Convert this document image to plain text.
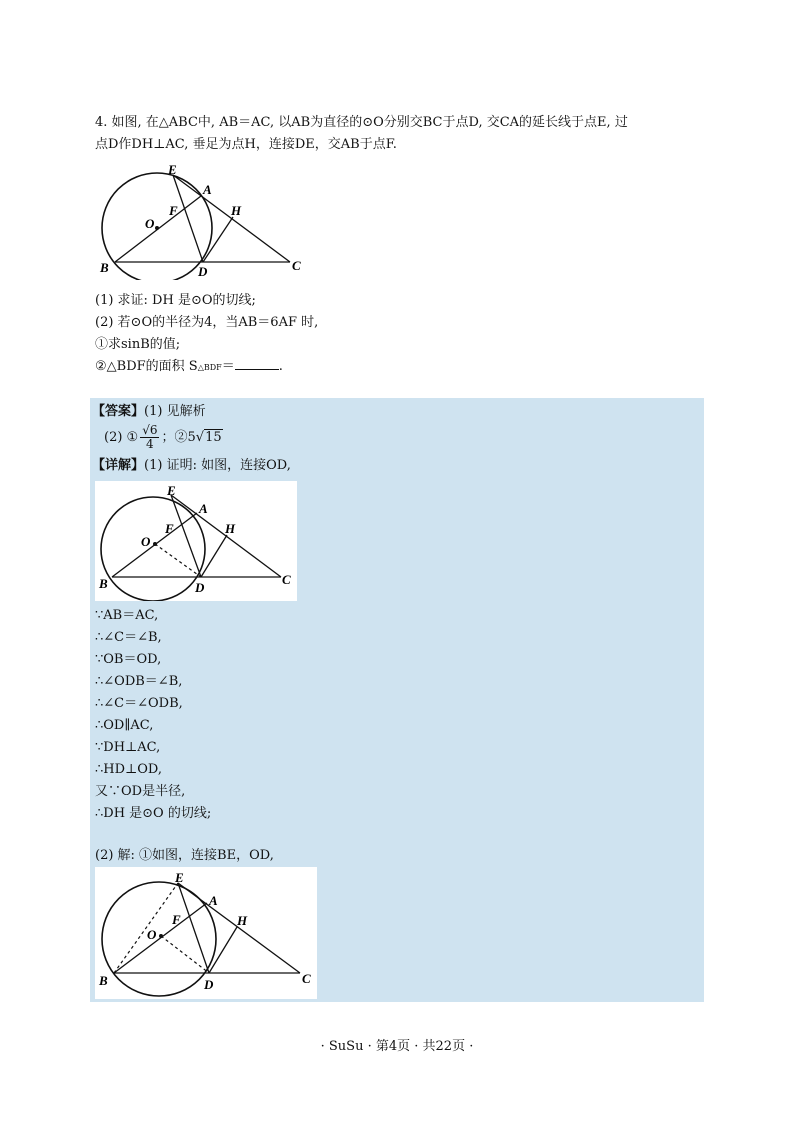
4. 如图, 在△ABC中, AB＝AC, 以AB为直径的⊙O分别交BC于点D, 交CA的延长线于点E, 过
点D作DH⊥AC, 垂足为点H，连接DE，交AB于点F.
E
A
F	H
O
B	D	C
(1) 求证: DH 是⊙O的切线;
(2) 若⊙O的半径为4，当AB＝6AF 时,
①求sinB的值;
②△BDF的面积 S△BDF＝	.
【答案】(1) 见解析
(2) ① $\frac{√6}{4}$ ；②5√15
【详解】(1) 证明: 如图，连接OD,
E
A
F	H
O
B	D
C
∵AB＝AC,
∴∠C＝∠B,
∵OB＝OD,
∴∠ODB＝∠B,
∴∠C＝∠ODB,
∴OD∥AC,
∵DH⊥AC,
∴HD⊥OD,
又∵OD是半径,
∴DH 是⊙O 的切线;
(2) 解: ①如图，连接BE，OD,
E
A
F	H
O
B	D	C
· SuSu · 第4页 · 共22页 ·
